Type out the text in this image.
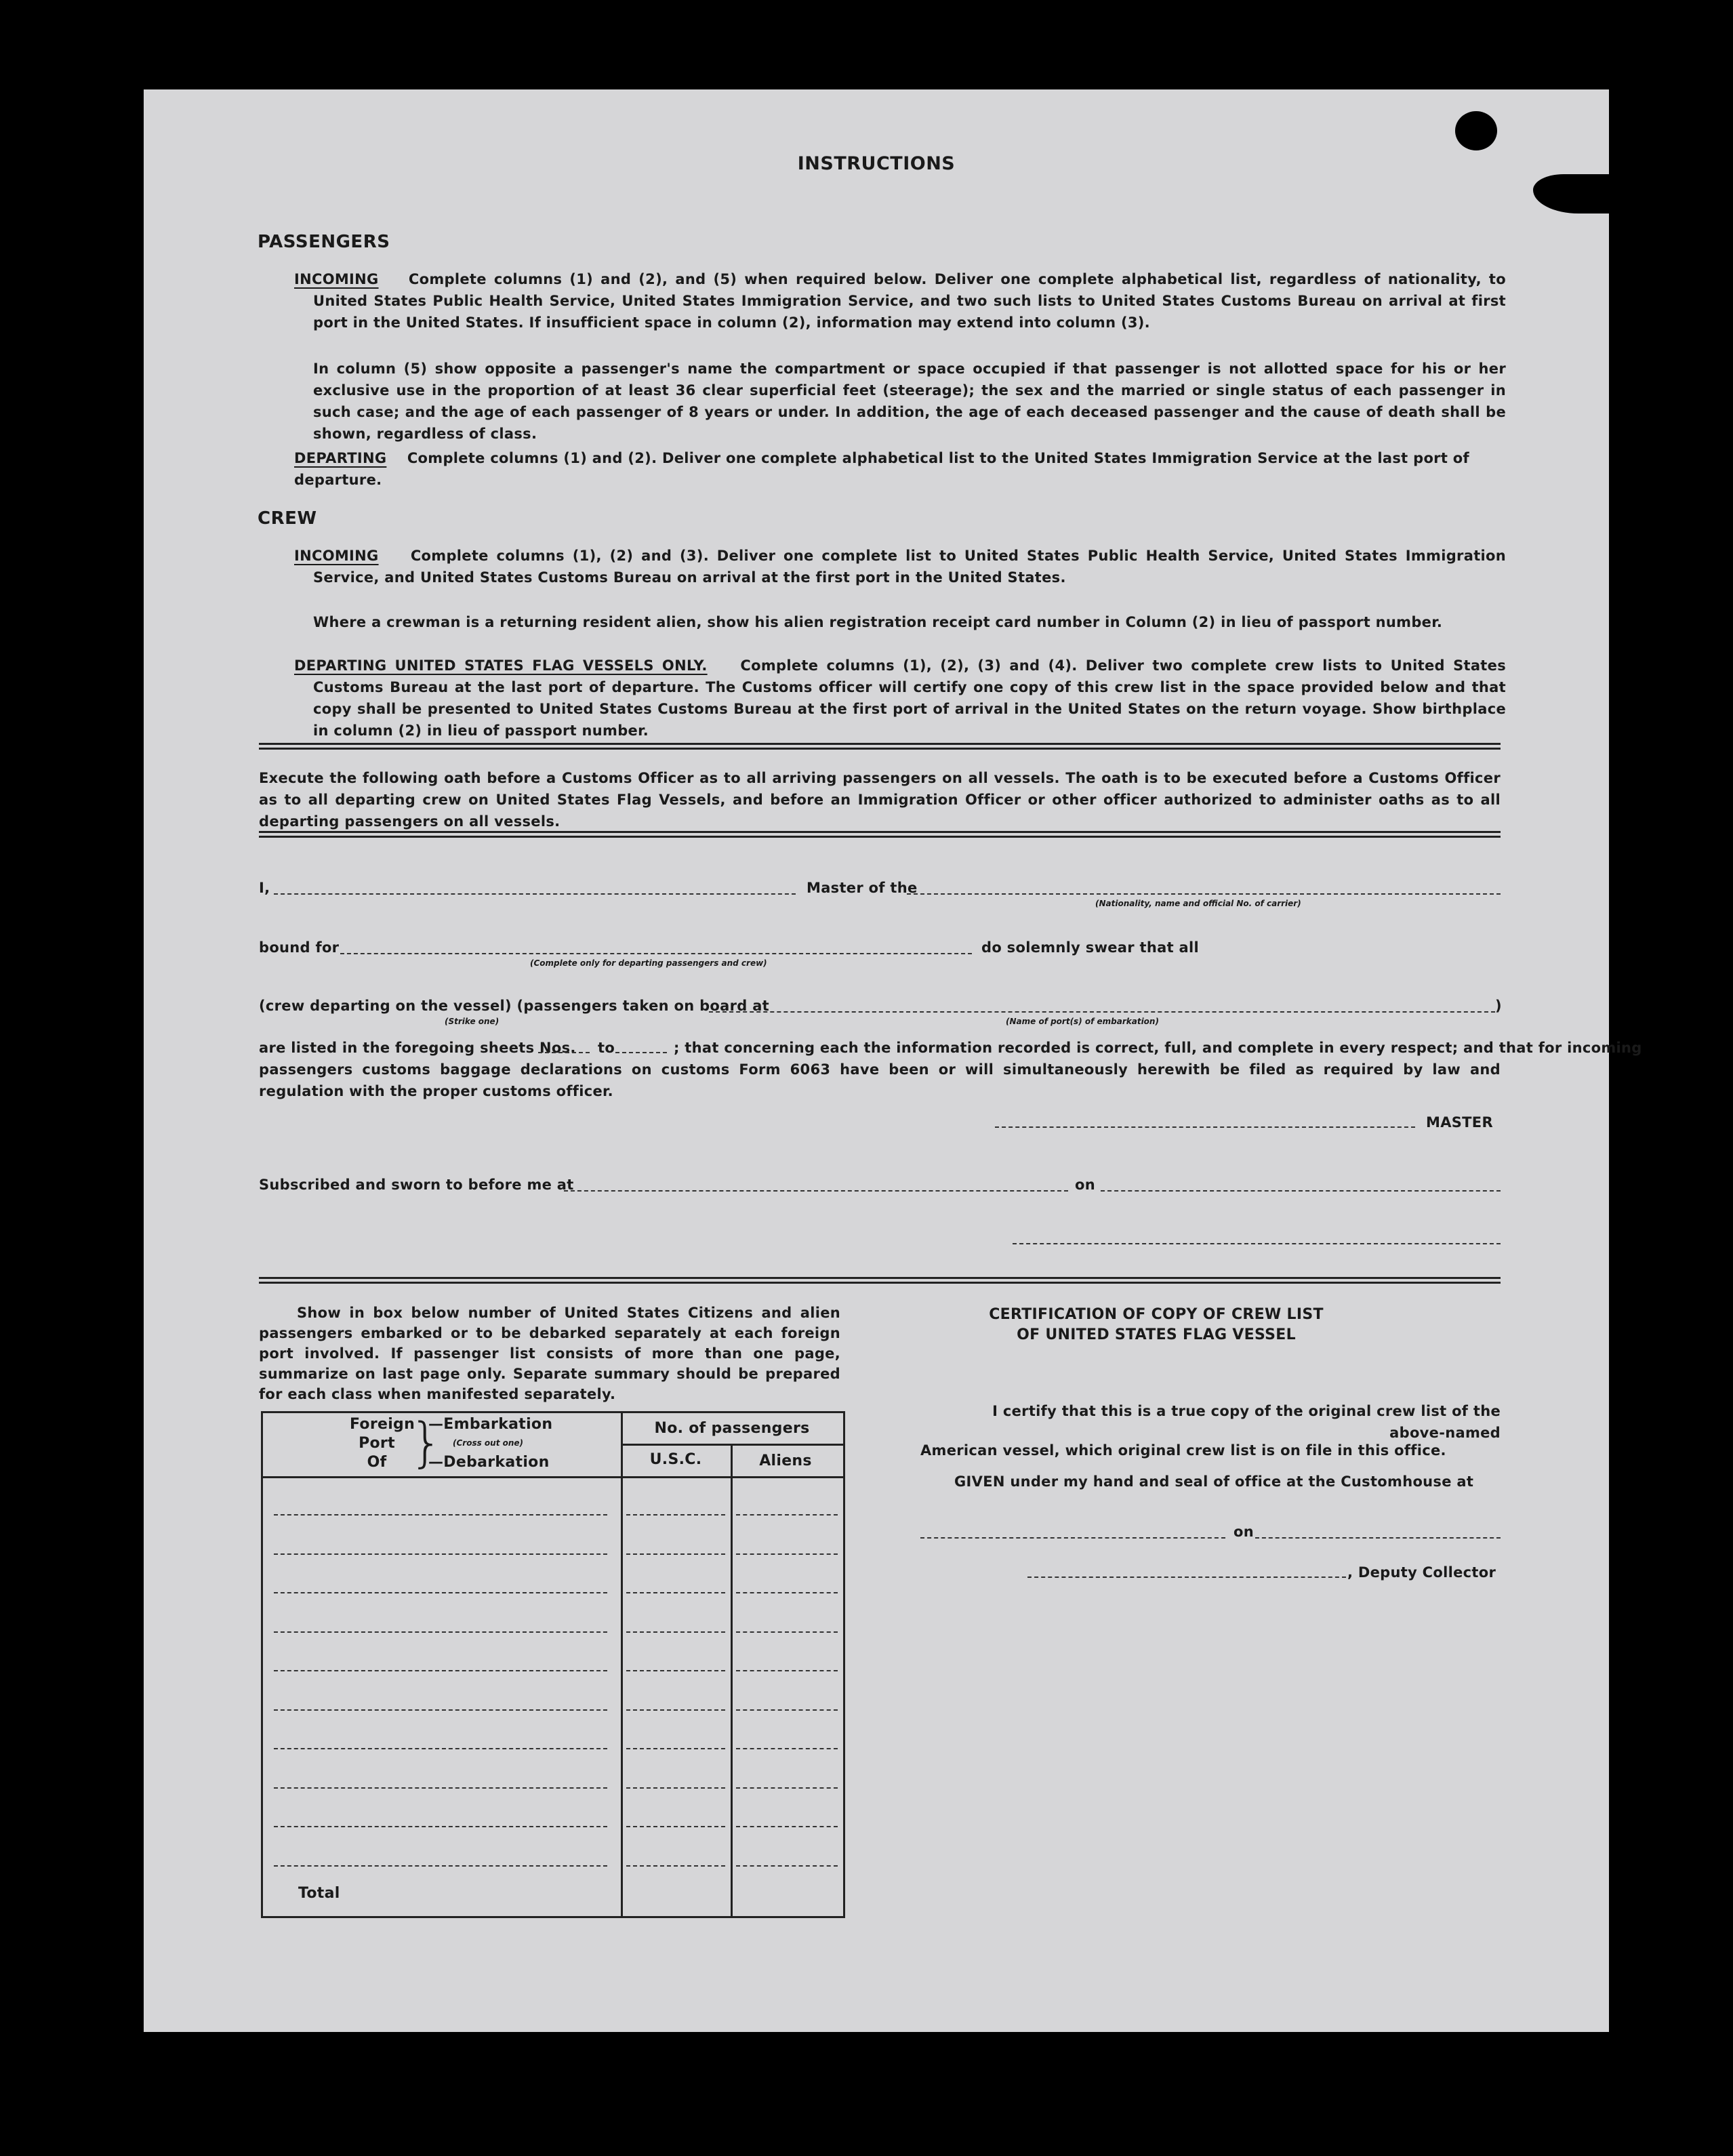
INSTRUCTIONS
PASSENGERS
INCOMING Complete columns (1) and (2), and (5) when required below. Deliver one complete alphabetical list, regardless of nationality, to United States Public Health Service, United States Immigration Service, and two such lists to United States Customs Bureau on arrival at first port in the United States. If insufficient space in column (2), information may extend into column (3).
In column (5) show opposite a passenger's name the compartment or space occupied if that passenger is not allotted space for his or her exclusive use in the proportion of at least 36 clear superficial feet (steerage); the sex and the married or single status of each passenger in such case; and the age of each passenger of 8 years or under. In addition, the age of each deceased passenger and the cause of death shall be shown, regardless of class.
DEPARTING Complete columns (1) and (2). Deliver one complete alphabetical list to the United States Immigration Service at the last port of departure.
CREW
INCOMING Complete columns (1), (2) and (3). Deliver one complete list to United States Public Health Service, United States Immigration Service, and United States Customs Bureau on arrival at the first port in the United States.
Where a crewman is a returning resident alien, show his alien registration receipt card number in Column (2) in lieu of passport number.
DEPARTING UNITED STATES FLAG VESSELS ONLY. Complete columns (1), (2), (3) and (4). Deliver two complete crew lists to United States Customs Bureau at the last port of departure. The Customs officer will certify one copy of this crew list in the space provided below and that copy shall be presented to United States Customs Bureau at the first port of arrival in the United States on the return voyage. Show birthplace in column (2) in lieu of passport number.
Execute the following oath before a Customs Officer as to all arriving passengers on all vessels. The oath is to be executed before a Customs Officer as to all departing crew on United States Flag Vessels, and before an Immigration Officer or other officer authorized to administer oaths as to all departing passengers on all vessels.
I,	Master of the
(Nationality, name and official No. of carrier)
bound for
(Complete only for departing passengers and crew)
do solemnly swear that all
(crew departing on the vessel) (passengers taken on board at	)
(Strike one)	(Name of port(s) of embarkation)
are listed in the foregoing sheets Nos. to	; that concerning each the information recorded is correct, full, and complete in every respect; and that for incoming
passengers customs baggage declarations on customs Form 6063 have been or will simultaneously herewith be filed as required by law and regulation with the proper customs officer.
MASTER
Subscribed and sworn to before me at	on
Show in box below number of United States Citizens and alien passengers embarked or to be debarked separately at each foreign port involved. If passenger list consists of more than one page, summarize on last page only. Separate summary should be prepared for each class when manifested separately.
Foreign
Port
Of }
—Embarkation
(Cross out one)
—Debarkation
No. of passengers
U.S.C.	Aliens
Total
CERTIFICATION OF COPY OF CREW LIST
OF UNITED STATES FLAG VESSEL
I certify that this is a true copy of the original crew list of the above-named
American vessel, which original crew list is on file in this office.
GIVEN under my hand and seal of office at the Customhouse at
on
, Deputy Collector
